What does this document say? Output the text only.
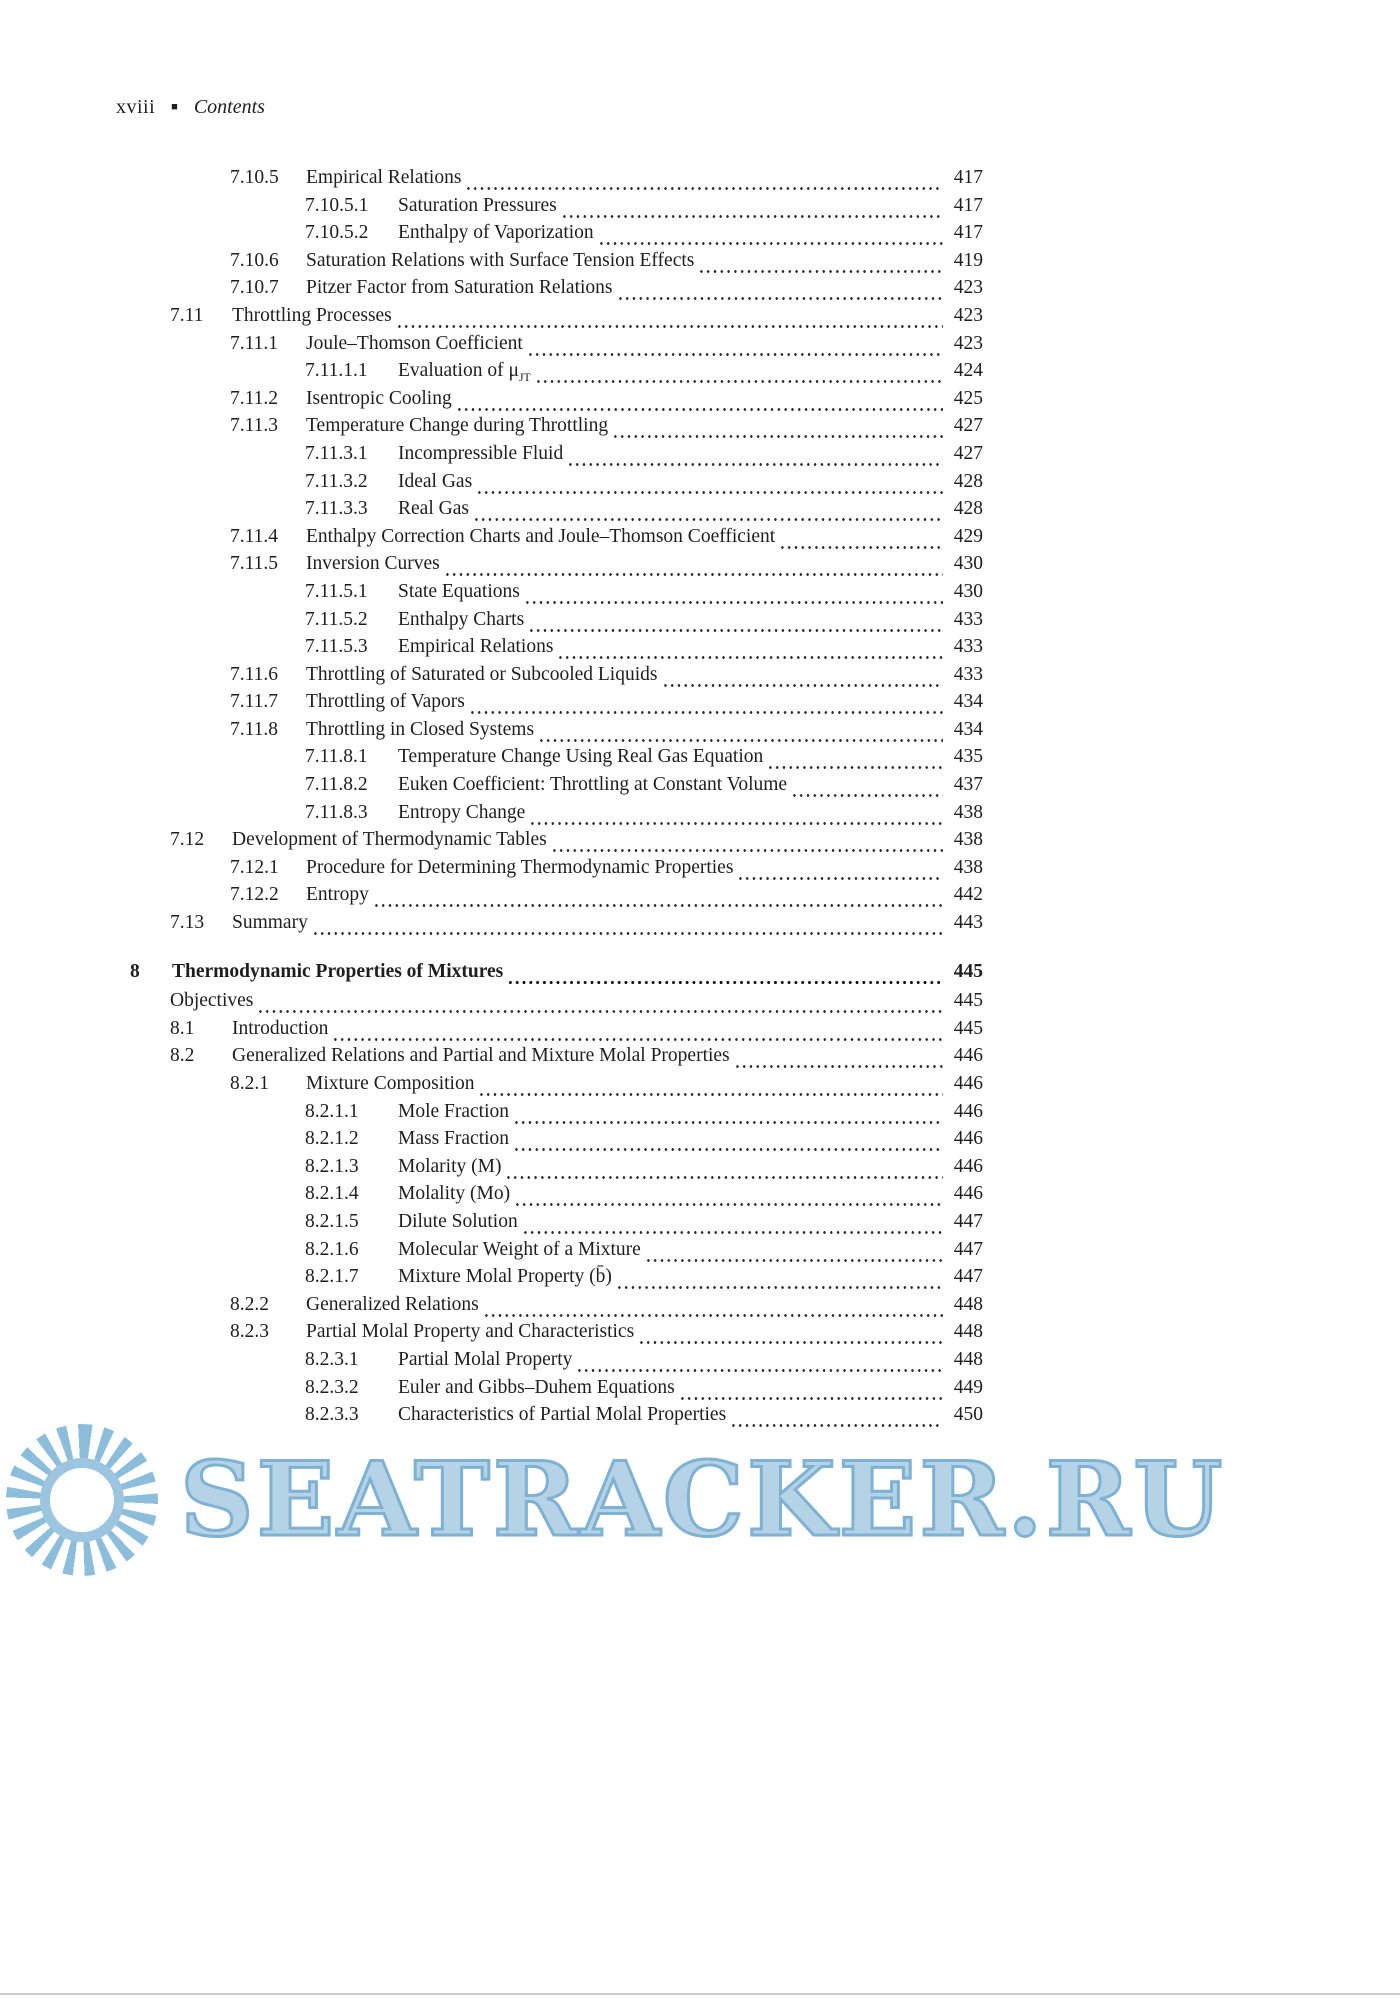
xviii ■ Contents
7.10.5	Empirical Relations	417
7.10.5.1	Saturation Pressures	417
7.10.5.2	Enthalpy of Vaporization	417
7.10.6	Saturation Relations with Surface Tension Effects	419
7.10.7	Pitzer Factor from Saturation Relations	423
7.11	Throttling Processes	423
7.11.1	Joule–Thomson Coefficient	423
7.11.1.1	Evaluation of $\mu_{JT}$	424
7.11.2	Isentropic Cooling	425
7.11.3	Temperature Change during Throttling	427
7.11.3.1	Incompressible Fluid	427
7.11.3.2	Ideal Gas	428
7.11.3.3	Real Gas	428
7.11.4	Enthalpy Correction Charts and Joule–Thomson Coefficient	429
7.11.5	Inversion Curves	430
7.11.5.1	State Equations	430
7.11.5.2	Enthalpy Charts	433
7.11.5.3	Empirical Relations	433
7.11.6	Throttling of Saturated or Subcooled Liquids	433
7.11.7	Throttling of Vapors	434
7.11.8	Throttling in Closed Systems	434
7.11.8.1	Temperature Change Using Real Gas Equation	435
7.11.8.2	Euken Coefficient: Throttling at Constant Volume	437
7.11.8.3	Entropy Change	438
7.12	Development of Thermodynamic Tables	438
7.12.1	Procedure for Determining Thermodynamic Properties	438
7.12.2	Entropy	442
7.13	Summary	443
8	Thermodynamic Properties of Mixtures	445
Objectives	445
8.1	Introduction	445
8.2	Generalized Relations and Partial and Mixture Molal Properties	446
8.2.1	Mixture Composition	446
8.2.1.1	Mole Fraction	446
8.2.1.2	Mass Fraction	446
8.2.1.3	Molarity (M)	446
8.2.1.4	Molality (Mo)	446
8.2.1.5	Dilute Solution	447
8.2.1.6	Molecular Weight of a Mixture	447
8.2.1.7	Mixture Molal Property (b̄)	447
8.2.2	Generalized Relations	448
8.2.3	Partial Molal Property and Characteristics	448
8.2.3.1	Partial Molal Property	448
8.2.3.2	Euler and Gibbs–Duhem Equations	449
8.2.3.3	Characteristics of Partial Molal Properties	450
SEATRACKER.RU
